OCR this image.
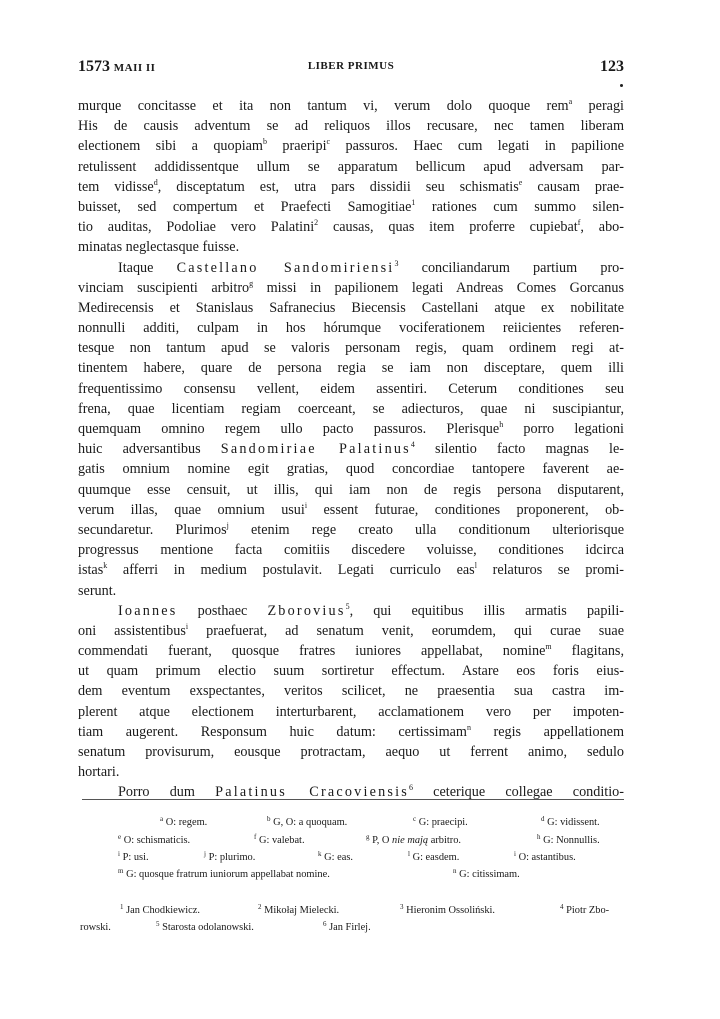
1573 MAII II	LIBER PRIMUS	123
murque concitasse et ita non tantum vi, verum dolo quoque rem$^a$ peragi
His de causis adventum se ad reliquos illos recusare, nec tamen liberam
electionem sibi a quopiam$^b$ praeripi$^c$ passuros. Haec cum legati in papilione
retulissent addidissentque ullum se apparatum bellicum apud adversam par-
tem vidisse$^d$, disceptatum est, utra pars dissidii seu schismatis$^e$ causam prae-
buisset, sed compertum et Praefecti Samogitiae$^1$ rationes cum summo silen-
tio auditas, Podoliae vero Palatini$^2$ causas, quas item proferre cupiebat$^f$, abo-
minatas neglectasque fuisse.
Itaque Castellano Sandomiriensi$^3$ conciliandarum partium pro-
vinciam suscipienti arbitro$^g$ missi in papilionem legati Andreas Comes Gorcanus
Medirecensis et Stanislaus Safranecius Biecensis Castellani atque ex nobilitate
nonnulli additi, culpam in hos hórumque vociferationem reiicientes referen-
tesque non tantum apud se valoris personam regis, quam ordinem regi at-
tinentem habere, quare de persona regia se iam non disceptare, quem illi
frequentissimo consensu vellent, eidem assentiri. Ceterum conditiones seu
frena, quae licentiam regiam coerceant, se adiecturos, quae ni suscipiantur,
quemquam omnino regem ullo pacto passuros. Plerisque$^h$ porro legationi
huic adversantibus Sandomiriae Palatinus$^4$ silentio facto magnas le-
gatis omnium nomine egit gratias, quod concordiae tantopere faverent ae-
quumque esse censuit, ut illis, qui iam non de regis persona disputarent,
verum illas, quae omnium usui$^i$ essent futurae, conditiones proponerent, ob-
secundaretur. Plurimos$^j$ etenim rege creato ulla conditionum ulteriorisque
progressus mentione facta comitiis discedere voluisse, conditiones idcirca
istas$^k$ afferri in medium postulavit. Legati curriculo eas$^l$ relaturos se promi-
serunt.
Ioannes posthaec Zborovius$^5$, qui equitibus illis armatis papili-
oni assistentibus$^i$ praefuerat, ad senatum venit, eorumdem, qui curae suae
commendati fuerant, quosque fratres iuniores appellabat, nomine$^m$ flagitans,
ut quam primum electio suum sortiretur effectum. Astare eos foris eius-
dem eventum exspectantes, veritos scilicet, ne praesentia sua castra im-
plerent atque electionem interturbarent, acclamationem vero per impoten-
tiam augerent. Responsum huic datum: certissimam$^n$ regis appellationem
senatum provisurum, eousque protractam, aequo ut ferrent animo, sedulo
hortari.
Porro dum Palatinus Cracoviensis$^6$ ceterique collegae conditio-
$^a$ O: regem.	$^b$ G, O: a quoquam.	$^c$ G: praecipi.	$^d$ G: vidissent.
$^e$ O: schismaticis.	$^f$ G: valebat.	$^g$ P, O nie mają arbitro.	$^h$ G: Nonnullis.
$^i$ P: usi.	$^j$ P: plurimo.	$^k$ G: eas.	$^l$ G: easdem.	$^i$ O: astantibus.
$^m$ G: quosque fratrum iuniorum appellabat nomine.	$^n$ G: citissimam.
$^1$ Jan Chodkiewicz.	$^2$ Mikołaj Mielecki.	$^3$ Hieronim Ossoliński.	$^4$ Piotr Zbo-
rowski.	$^5$ Starosta odolanowski.	$^6$ Jan Firlej.
